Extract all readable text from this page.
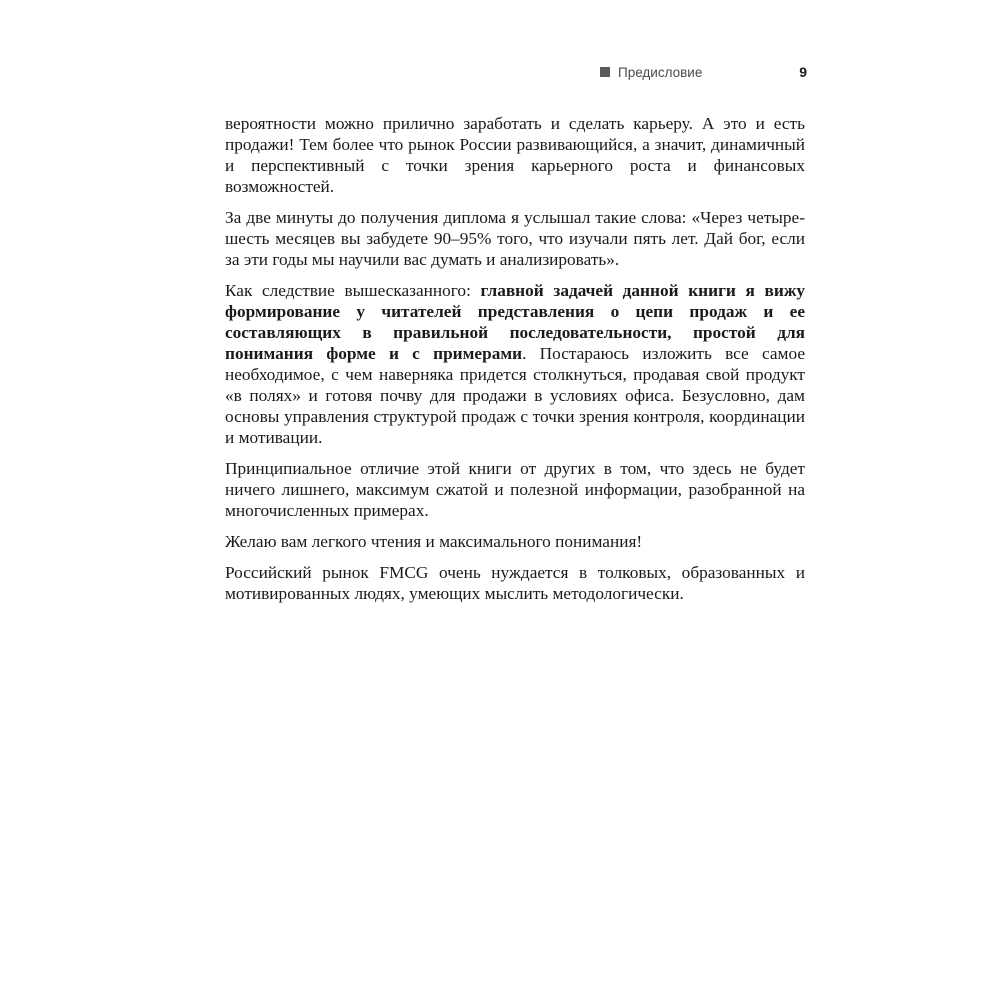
Предисловие	9

вероятности можно прилично заработать и сделать карьеру. А это и есть продажи! Тем более что рынок России развивающийся, а значит, динамичный и перспективный с точки зрения карьерного роста и финансовых возможностей.

За две минуты до получения диплома я услышал такие слова: «Через четыре-шесть месяцев вы забудете 90–95% того, что изучали пять лет. Дай бог, если за эти годы мы научили вас думать и анализировать».

Как следствие вышесказанного: главной задачей данной книги я вижу формирование у читателей представления о цепи продаж и ее составляющих в правильной последовательности, простой для понимания форме и с примерами. Постараюсь изложить все самое необходимое, с чем наверняка придется столкнуться, продавая свой продукт «в полях» и готовя почву для продажи в условиях офиса. Безусловно, дам основы управления структурой продаж с точки зрения контроля, координации и мотивации.

Принципиальное отличие этой книги от других в том, что здесь не будет ничего лишнего, максимум сжатой и полезной информации, разобранной на многочисленных примерах.

Желаю вам легкого чтения и максимального понимания!

Российский рынок FMCG очень нуждается в толковых, образованных и мотивированных людях, умеющих мыслить методологически.
